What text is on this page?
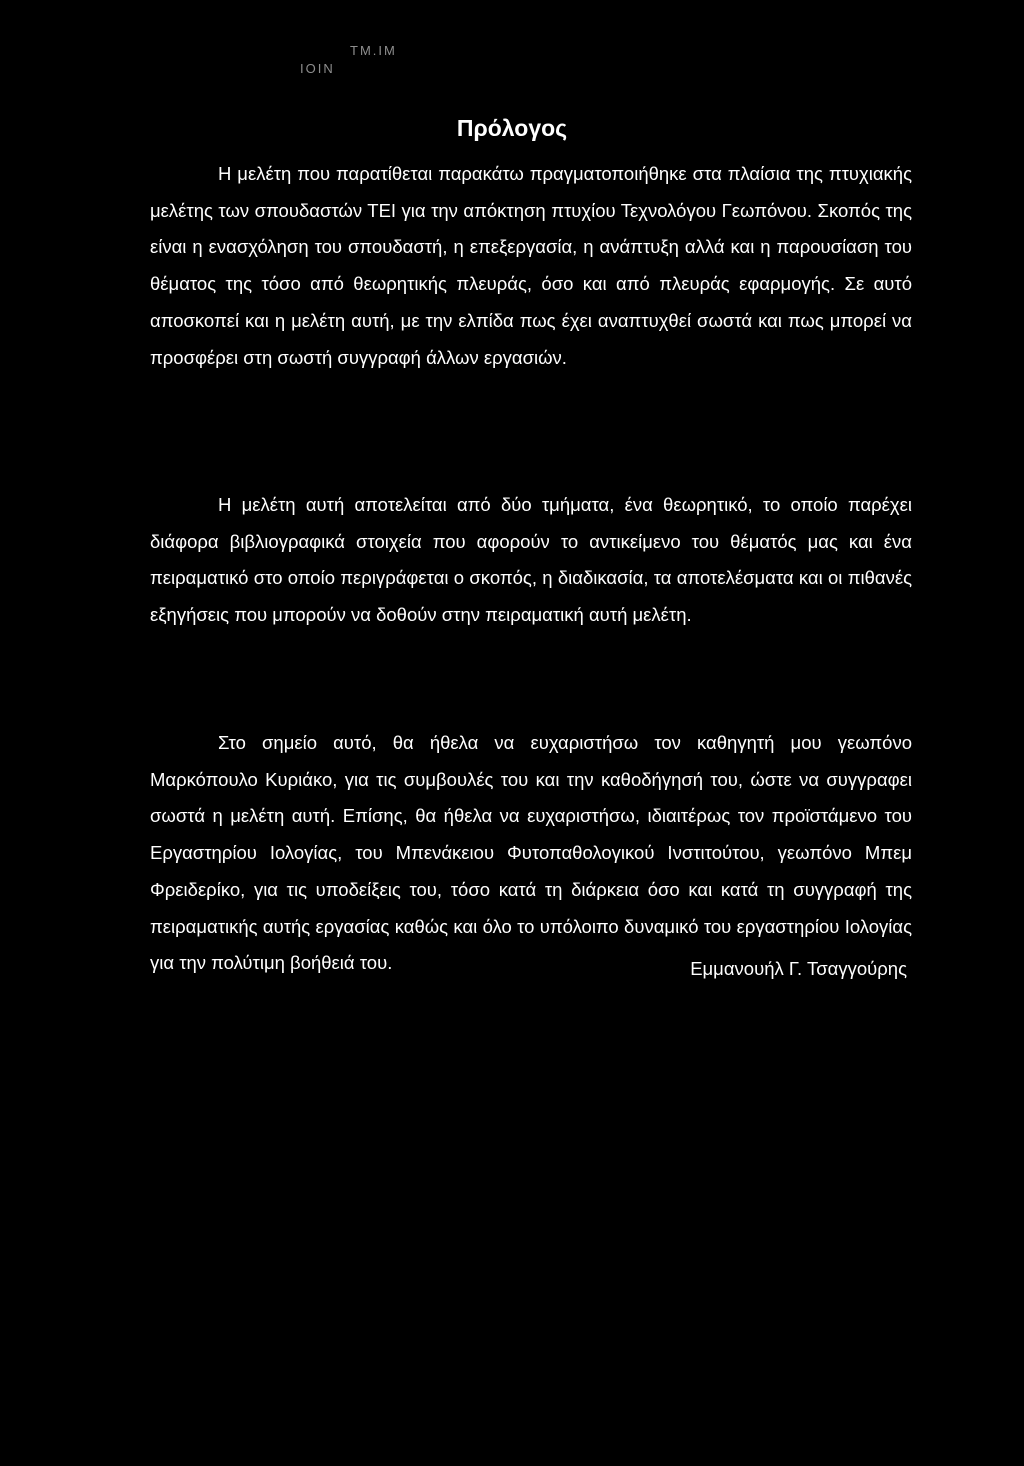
ΤΜ.ΙΜ
ΙΟΙΝ
Πρόλογος

Η μελέτη που παρατίθεται παρακάτω πραγματοποιήθηκε στα πλαίσια της πτυχιακής μελέτης των σπουδαστών ΤΕΙ για την απόκτηση πτυχίου Τεχνολόγου Γεωπόνου. Σκοπός της είναι η ενασχόληση του σπουδαστή, η επεξεργασία, η ανάπτυξη αλλά και η παρουσίαση του θέματος της τόσο από θεωρητικής πλευράς, όσο και από πλευράς εφαρμογής. Σε αυτό αποσκοπεί και η μελέτη αυτή, με την ελπίδα πως έχει αναπτυχθεί σωστά και πως μπορεί να προσφέρει στη σωστή συγγραφή άλλων εργασιών.

Η μελέτη αυτή αποτελείται από δύο τμήματα, ένα θεωρητικό, το οποίο παρέχει διάφορα βιβλιογραφικά στοιχεία που αφορούν το αντικείμενο του θέματός μας και ένα πειραματικό στο οποίο περιγράφεται ο σκοπός, η διαδικασία, τα αποτελέσματα και οι πιθανές εξηγήσεις που μπορούν να δοθούν στην πειραματική αυτή μελέτη.

Στο σημείο αυτό, θα ήθελα να ευχαριστήσω τον καθηγητή μου γεωπόνο Μαρκόπουλο Κυριάκο, για τις συμβουλές του και την καθοδήγησή του, ώστε να συγγραφει σωστά η μελέτη αυτή. Επίσης, θα ήθελα να ευχαριστήσω, ιδιαιτέρως τον προϊστάμενο του Εργαστηρίου Ιολογίας, του Μπενάκειου Φυτοπαθολογικού Ινστιτούτου, γεωπόνο Μπεμ Φρειδερίκο, για τις υποδείξεις του, τόσο κατά τη διάρκεια όσο και κατά τη συγγραφή της πειραματικής αυτής εργασίας καθώς και όλο το υπόλοιπο δυναμικό του εργαστηρίου Ιολογίας για την πολύτιμη βοήθειά του.	Εμμανουήλ Γ. Τσαγγούρης
